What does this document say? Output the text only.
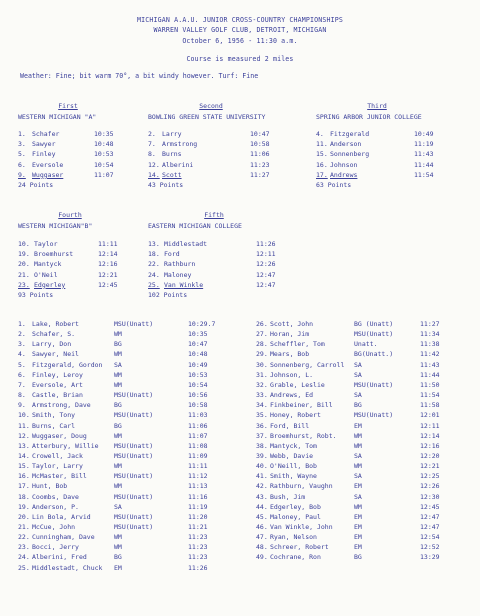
MICHIGAN A.A.U. JUNIOR CROSS-COUNTRY CHAMPIONSHIPS
WARREN VALLEY GOLF CLUB, DETROIT, MICHIGAN
October 6, 1956 - 11:30 a.m.
Course is measured 2 miles
Weather: Fine; bit warm 70°, a bit windy however. Turf: Fine
First
WESTERN MICHIGAN "A"
1. Schafer	10:35
3. Sawyer	10:48
5. Finley	10:53
6. Eversole	10:54
9. Wuggaser	11:07
24 Points
Second
BOWLING GREEN STATE UNIVERSITY
2. Larry	10:47
7. Armstrong	10:58
8. Burns	11:06
12. Alberini	11:23
14. Scott	11:27
43 Points
Third
SPRING ARBOR JUNIOR COLLEGE
4. Fitzgerald	10:49
11. Anderson	11:19
15. Sonnenberg	11:43
16. Johnson	11:44
17. Andrews	11:54
63 Points
Fourth
WESTERN MICHIGAN"B"
10. Taylor	11:11
19. Broemhurst	12:14
20. Mantyck	12:16
21. O'Neil	12:21
23. Edgerley	12:45
93 Points
Fifth
EASTERN MICHIGAN COLLEGE
13. Middlestadt	11:26
18. Ford	12:11
22. Rathburn	12:26
24. Maloney	12:47
25. Van Winkle	12:47
102 Points
1. Lake, Robert	MSU(Unatt)	10:29.7
2. Schafer, S.	WM	10:35
3. Larry, Don	BG	10:47
4. Sawyer, Neil	WM	10:48
5. Fitzgerald, Gordon SA	10:49
6. Finley, Leroy	WM	10:53
7. Eversole, Art	WM	10:54
8. Castle, Brian	MSU(Unatt)	10:56
9. Armstrong, Dave	BG	10:58
10. Smith, Tony	MSU(Unatt)	11:03
11. Burns, Carl	BG	11:06
12. Wuggaser, Doug	WM	11:07
13. Atterbury, Willie MSU(Unatt)	11:08
14. Crowell, Jack	MSU(Unatt)	11:09
15. Taylor, Larry	WM	11:11
16. McMaster, Bill	MSU(Unatt)	11:12
17. Hunt, Bob	WM	11:13
18. Coombs, Dave	MSU(Unatt)	11:16
19. Anderson, P.	SA	11:19
20. Lin Bola, Arvid	MSU(Unatt)	11:20
21. McCue, John	MSU(Unatt)	11:21
22. Cunningham, Dave	WM	11:23
23. Bocci, Jerry	WM	11:23
24. Alberini, Fred	BG	11:23
25. Middlestadt, Chuck EM	11:26
26. Scott, John	BG (Unatt)	11:27
27. Horan, Jim	MSU(Unatt)	11:34
28. Scheffler, Tom	Unatt.	11:38
29. Mears, Bob	BG(Unatt.)	11:42
30. Sonnenberg, Carroll SA	11:43
31. Johnson, L.	SA	11:44
32. Grable, Leslie	MSU(Unatt)	11:50
33. Andrews, Ed	SA	11:54
34. Finkbeiner, Bill	BG	11:58
35. Honey, Robert	MSU(Unatt)	12:01
36. Ford, Bill	EM	12:11
37. Broemhurst, Robt.	WM	12:14
38. Mantyck, Tom	WM	12:16
39. Webb, Davie	SA	12:20
40. O'Neill, Bob	WM	12:21
41. Smith, Wayne	SA	12:25
42. Rathburn, Vaughn	EM	12:26
43. Bush, Jim	SA	12:30
44. Edgerley, Bob	WM	12:45
45. Maloney, Paul	EM	12:47
46. Van Winkle, John	EM	12:47
47. Ryan, Nelson	EM	12:54
48. Schreer, Robert	EM	12:52
49. Cochrane, Ron	BG	13:29
